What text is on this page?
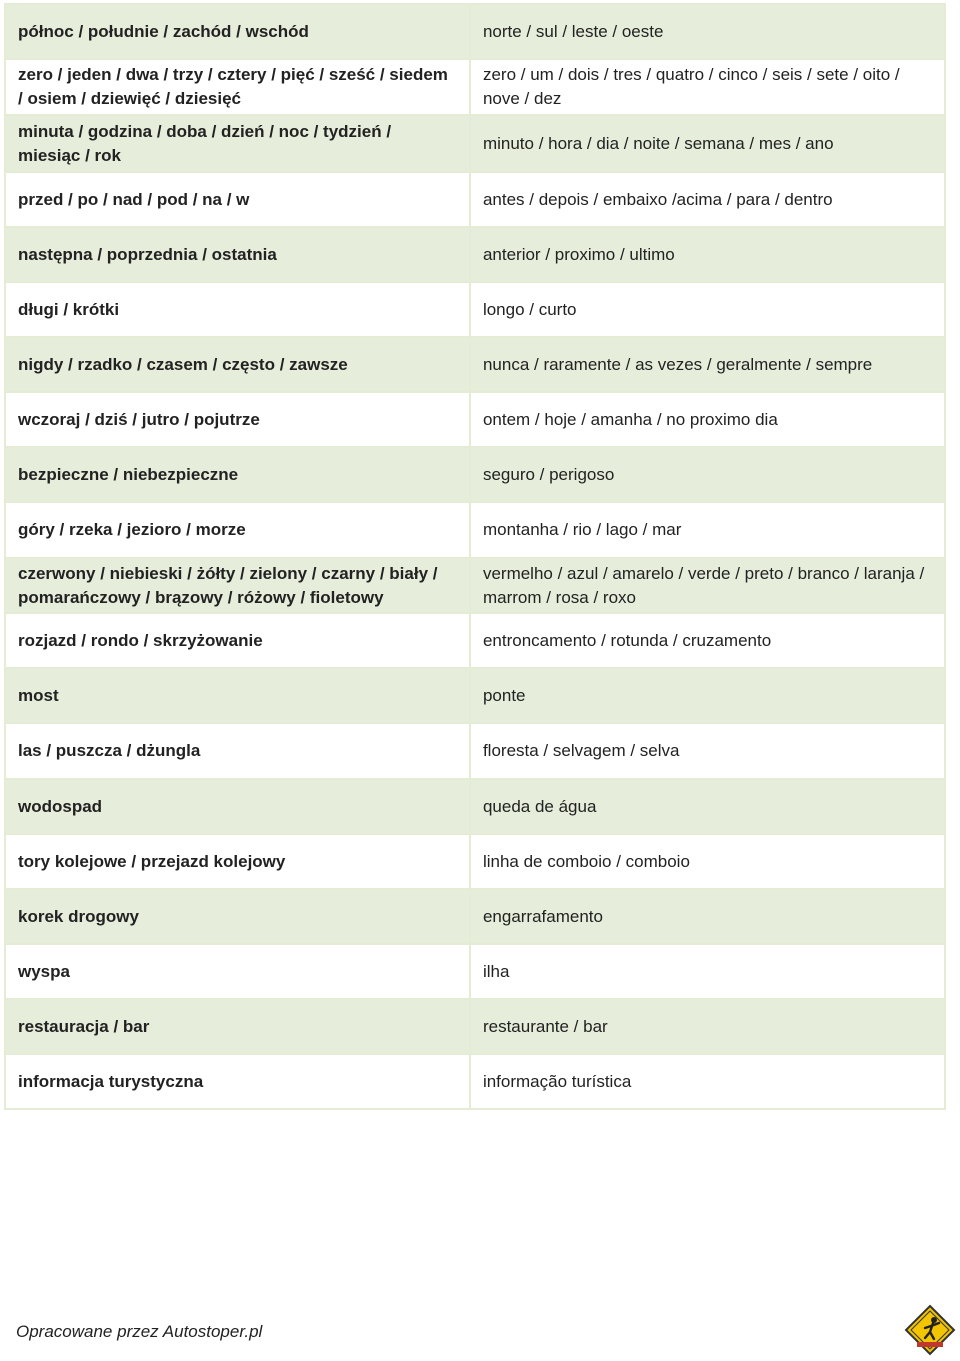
północ / południe / zachód / wschód	norte / sul / leste / oeste
zero / jeden / dwa / trzy / cztery / pięć / sześć / siedem / osiem / dziewięć / dziesięć	zero / um / dois / tres / quatro / cinco / seis / sete / oito / nove / dez
minuta / godzina / doba / dzień / noc / tydzień / miesiąc / rok	minuto / hora / dia / noite / semana / mes / ano
przed / po / nad / pod / na / w	antes / depois / embaixo /acima / para / dentro
następna / poprzednia / ostatnia	anterior / proximo / ultimo
długi / krótki	longo / curto
nigdy / rzadko / czasem / często / zawsze	nunca / raramente / as vezes / geralmente / sempre
wczoraj / dziś / jutro / pojutrze	ontem / hoje / amanha / no proximo dia
bezpieczne / niebezpieczne	seguro / perigoso
góry / rzeka / jezioro / morze	montanha / rio / lago / mar
czerwony / niebieski / żółty / zielony / czarny / biały / pomarańczowy / brązowy / różowy / fioletowy	vermelho / azul / amarelo / verde / preto / branco / laranja / marrom / rosa / roxo
rozjazd / rondo / skrzyżowanie	entroncamento / rotunda / cruzamento
most	ponte
las / puszcza / dżungla	floresta / selvagem / selva
wodospad	queda de água
tory kolejowe / przejazd kolejowy	linha de comboio / comboio
korek drogowy	engarrafamento
wyspa	ilha
restauracja / bar	restaurante / bar
informacja turystyczna	informação turística
Opracowane przez Autostoper.pl
